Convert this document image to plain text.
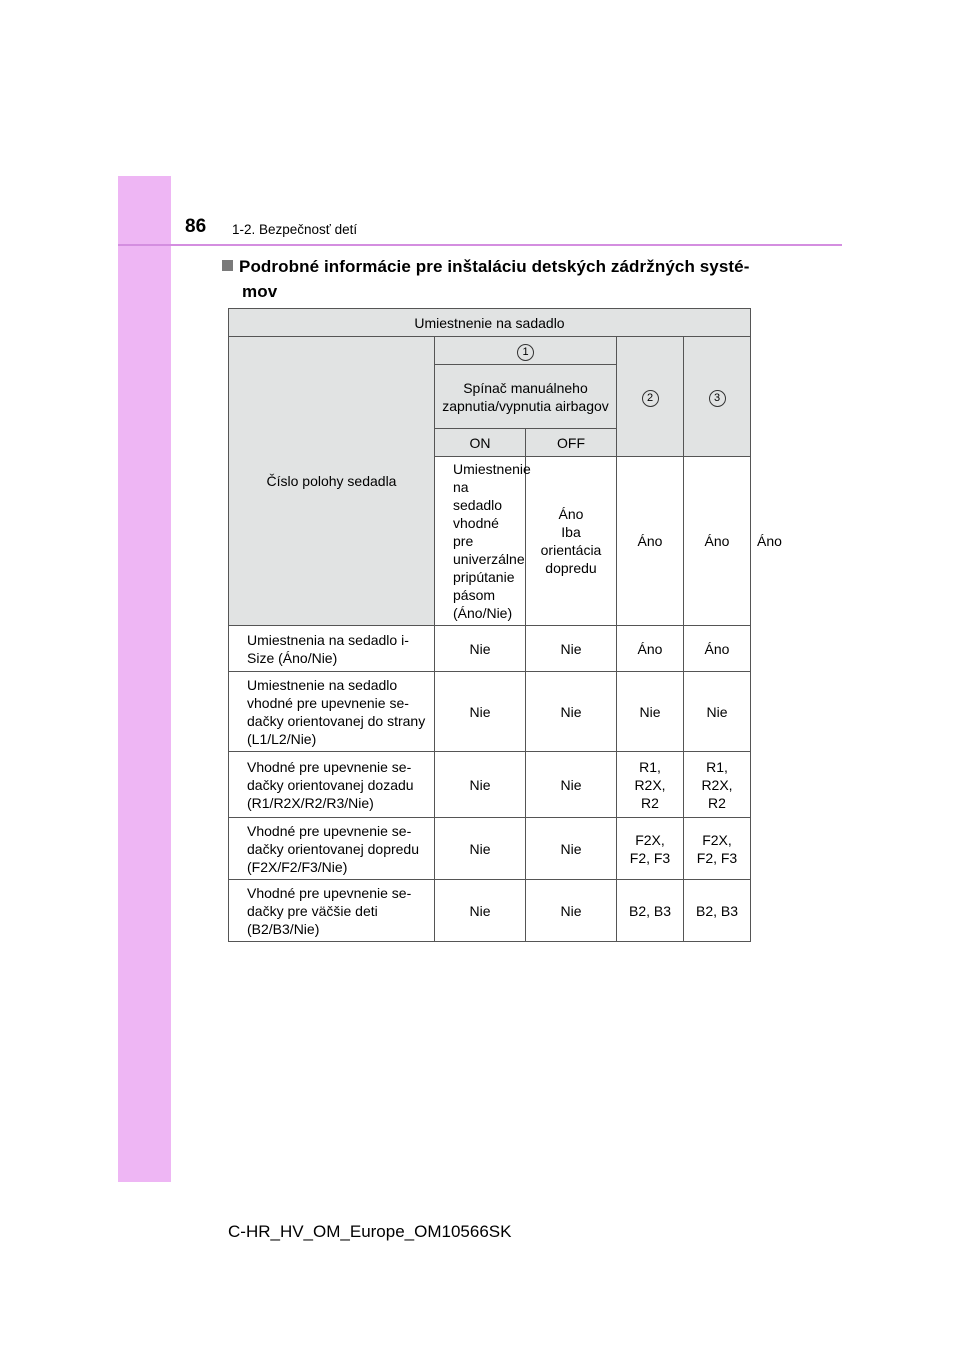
86 1-2. Bezpečnosť detí
Podrobné informácie pre inštaláciu detských zádržných systé-
mov
Umiestnenie na sadadlo					
Číslo polohy sedadla	1		2	3	
	Spínač manuálneho zapnutia/vypnutia airbagov				
	ON	OFF			
	Umiestnenie na sedadlo vhodné pre univerzálne pripútanie pásom (Áno/Nie)	Áno
Iba
orientácia
dopredu	Áno	Áno	Áno
Umiestnenia na sedadlo i-Size (Áno/Nie)	Nie	Nie	Áno	Áno	
Umiestnenie na sedadlo vhodné pre upevnenie se-dačky orientovanej do strany (L1/L2/Nie)	Nie	Nie	Nie	Nie	
Vhodné pre upevnenie se-dačky orientovanej dozadu (R1/R2X/R2/R3/Nie)	Nie	Nie	R1,
R2X,
R2	R1,
R2X,
R2	
Vhodné pre upevnenie se-dačky orientovanej dopredu (F2X/F2/F3/Nie)	Nie	Nie	F2X,
F2, F3	F2X,
F2, F3	
Vhodné pre upevnenie se-dačky pre väčšie deti (B2/B3/Nie)	Nie	Nie	B2, B3	B2, B3	
C-HR_HV_OM_Europe_OM10566SK
